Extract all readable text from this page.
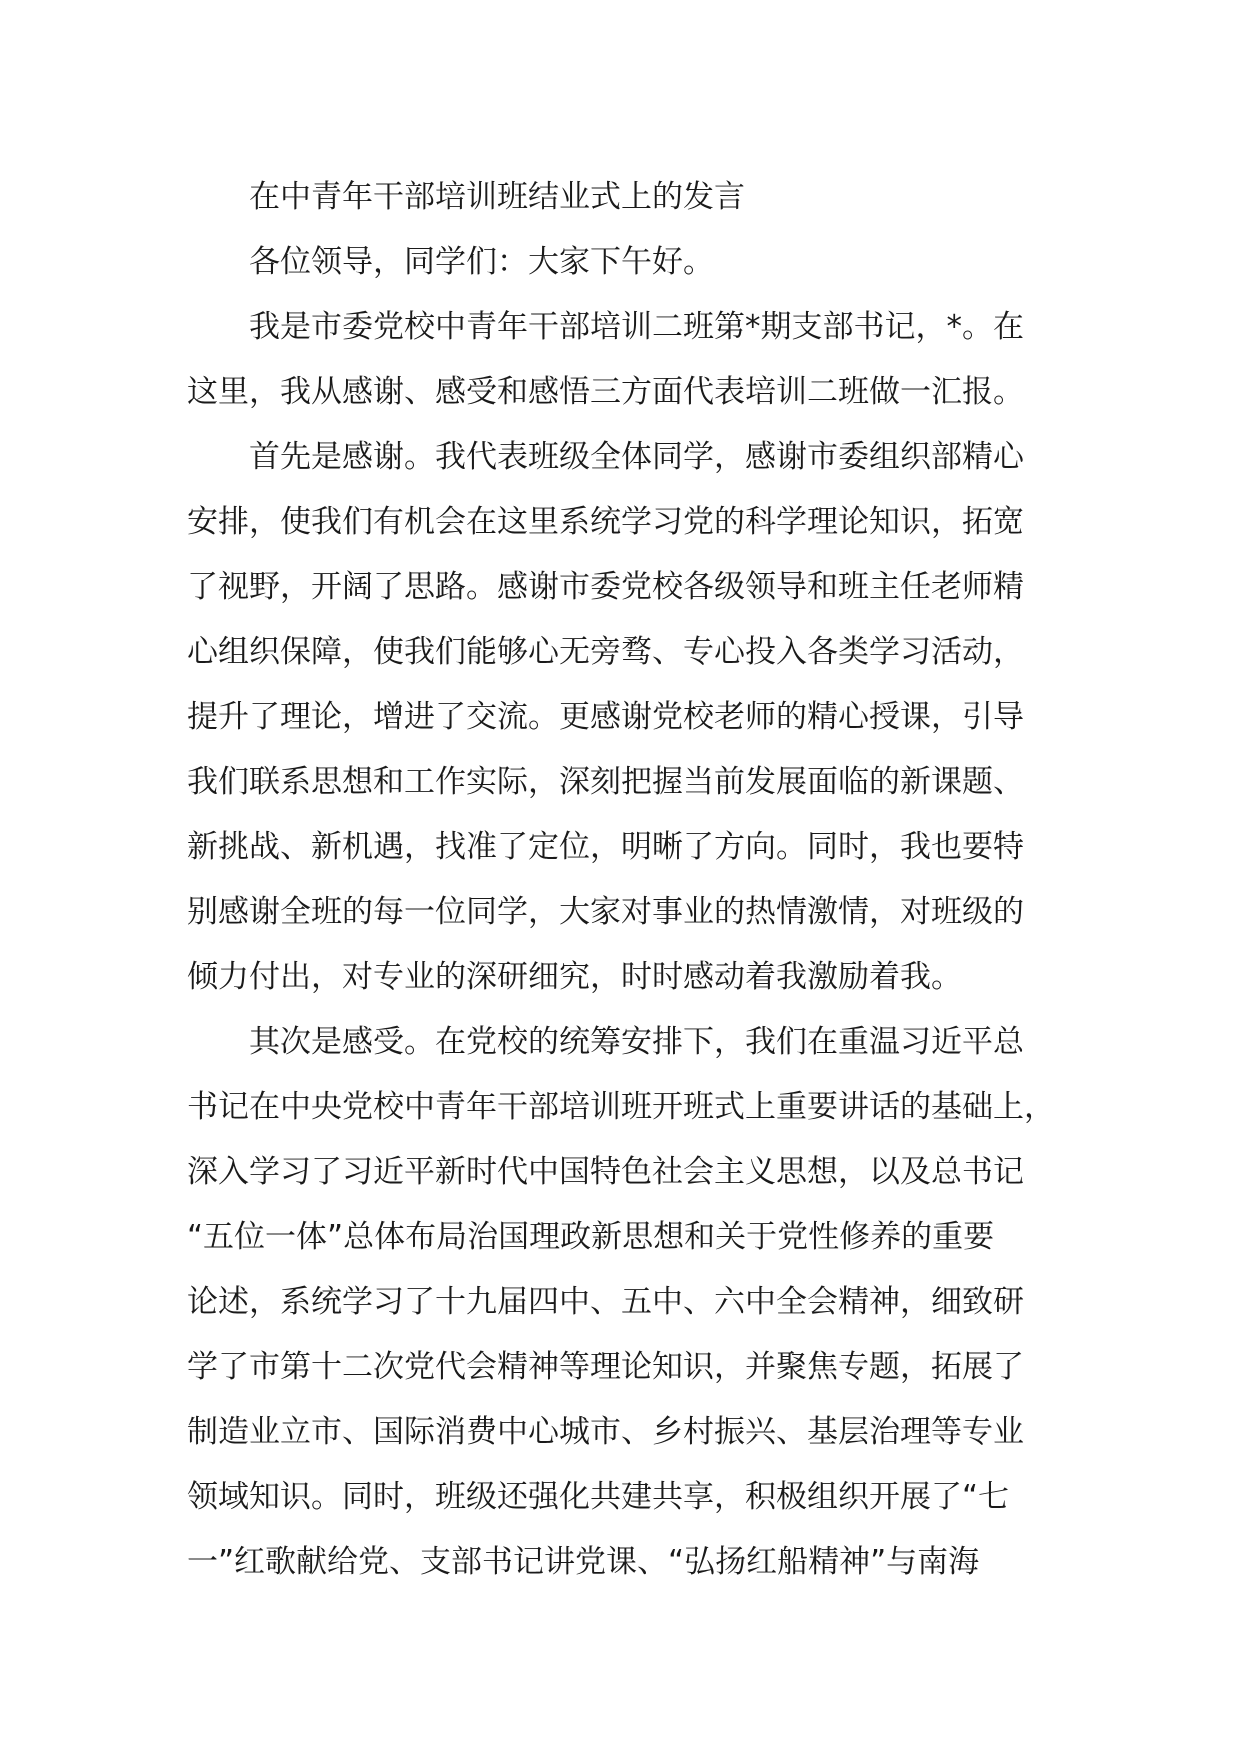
在中青年干部培训班结业式上的发言
各位领导，同学们：大家下午好。
我是市委党校中青年干部培训二班第*期支部书记，*。在
这里，我从感谢、感受和感悟三方面代表培训二班做一汇报。
首先是感谢。我代表班级全体同学，感谢市委组织部精心
安排，使我们有机会在这里系统学习党的科学理论知识，拓宽
了视野，开阔了思路。感谢市委党校各级领导和班主任老师精
心组织保障，使我们能够心无旁骛、专心投入各类学习活动，
提升了理论，增进了交流。更感谢党校老师的精心授课，引导
我们联系思想和工作实际，深刻把握当前发展面临的新课题、
新挑战、新机遇，找准了定位，明晰了方向。同时，我也要特
别感谢全班的每一位同学，大家对事业的热情激情，对班级的
倾力付出，对专业的深研细究，时时感动着我激励着我。
其次是感受。在党校的统筹安排下，我们在重温习近平总
书记在中央党校中青年干部培训班开班式上重要讲话的基础上，
深入学习了习近平新时代中国特色社会主义思想，以及总书记
“五位一体”总体布局治国理政新思想和关于党性修养的重要
论述，系统学习了十九届四中、五中、六中全会精神，细致研
学了市第十二次党代会精神等理论知识，并聚焦专题，拓展了
制造业立市、国际消费中心城市、乡村振兴、基层治理等专业
领域知识。同时，班级还强化共建共享，积极组织开展了“七
一”红歌献给党、支部书记讲党课、“弘扬红船精神”与南海
